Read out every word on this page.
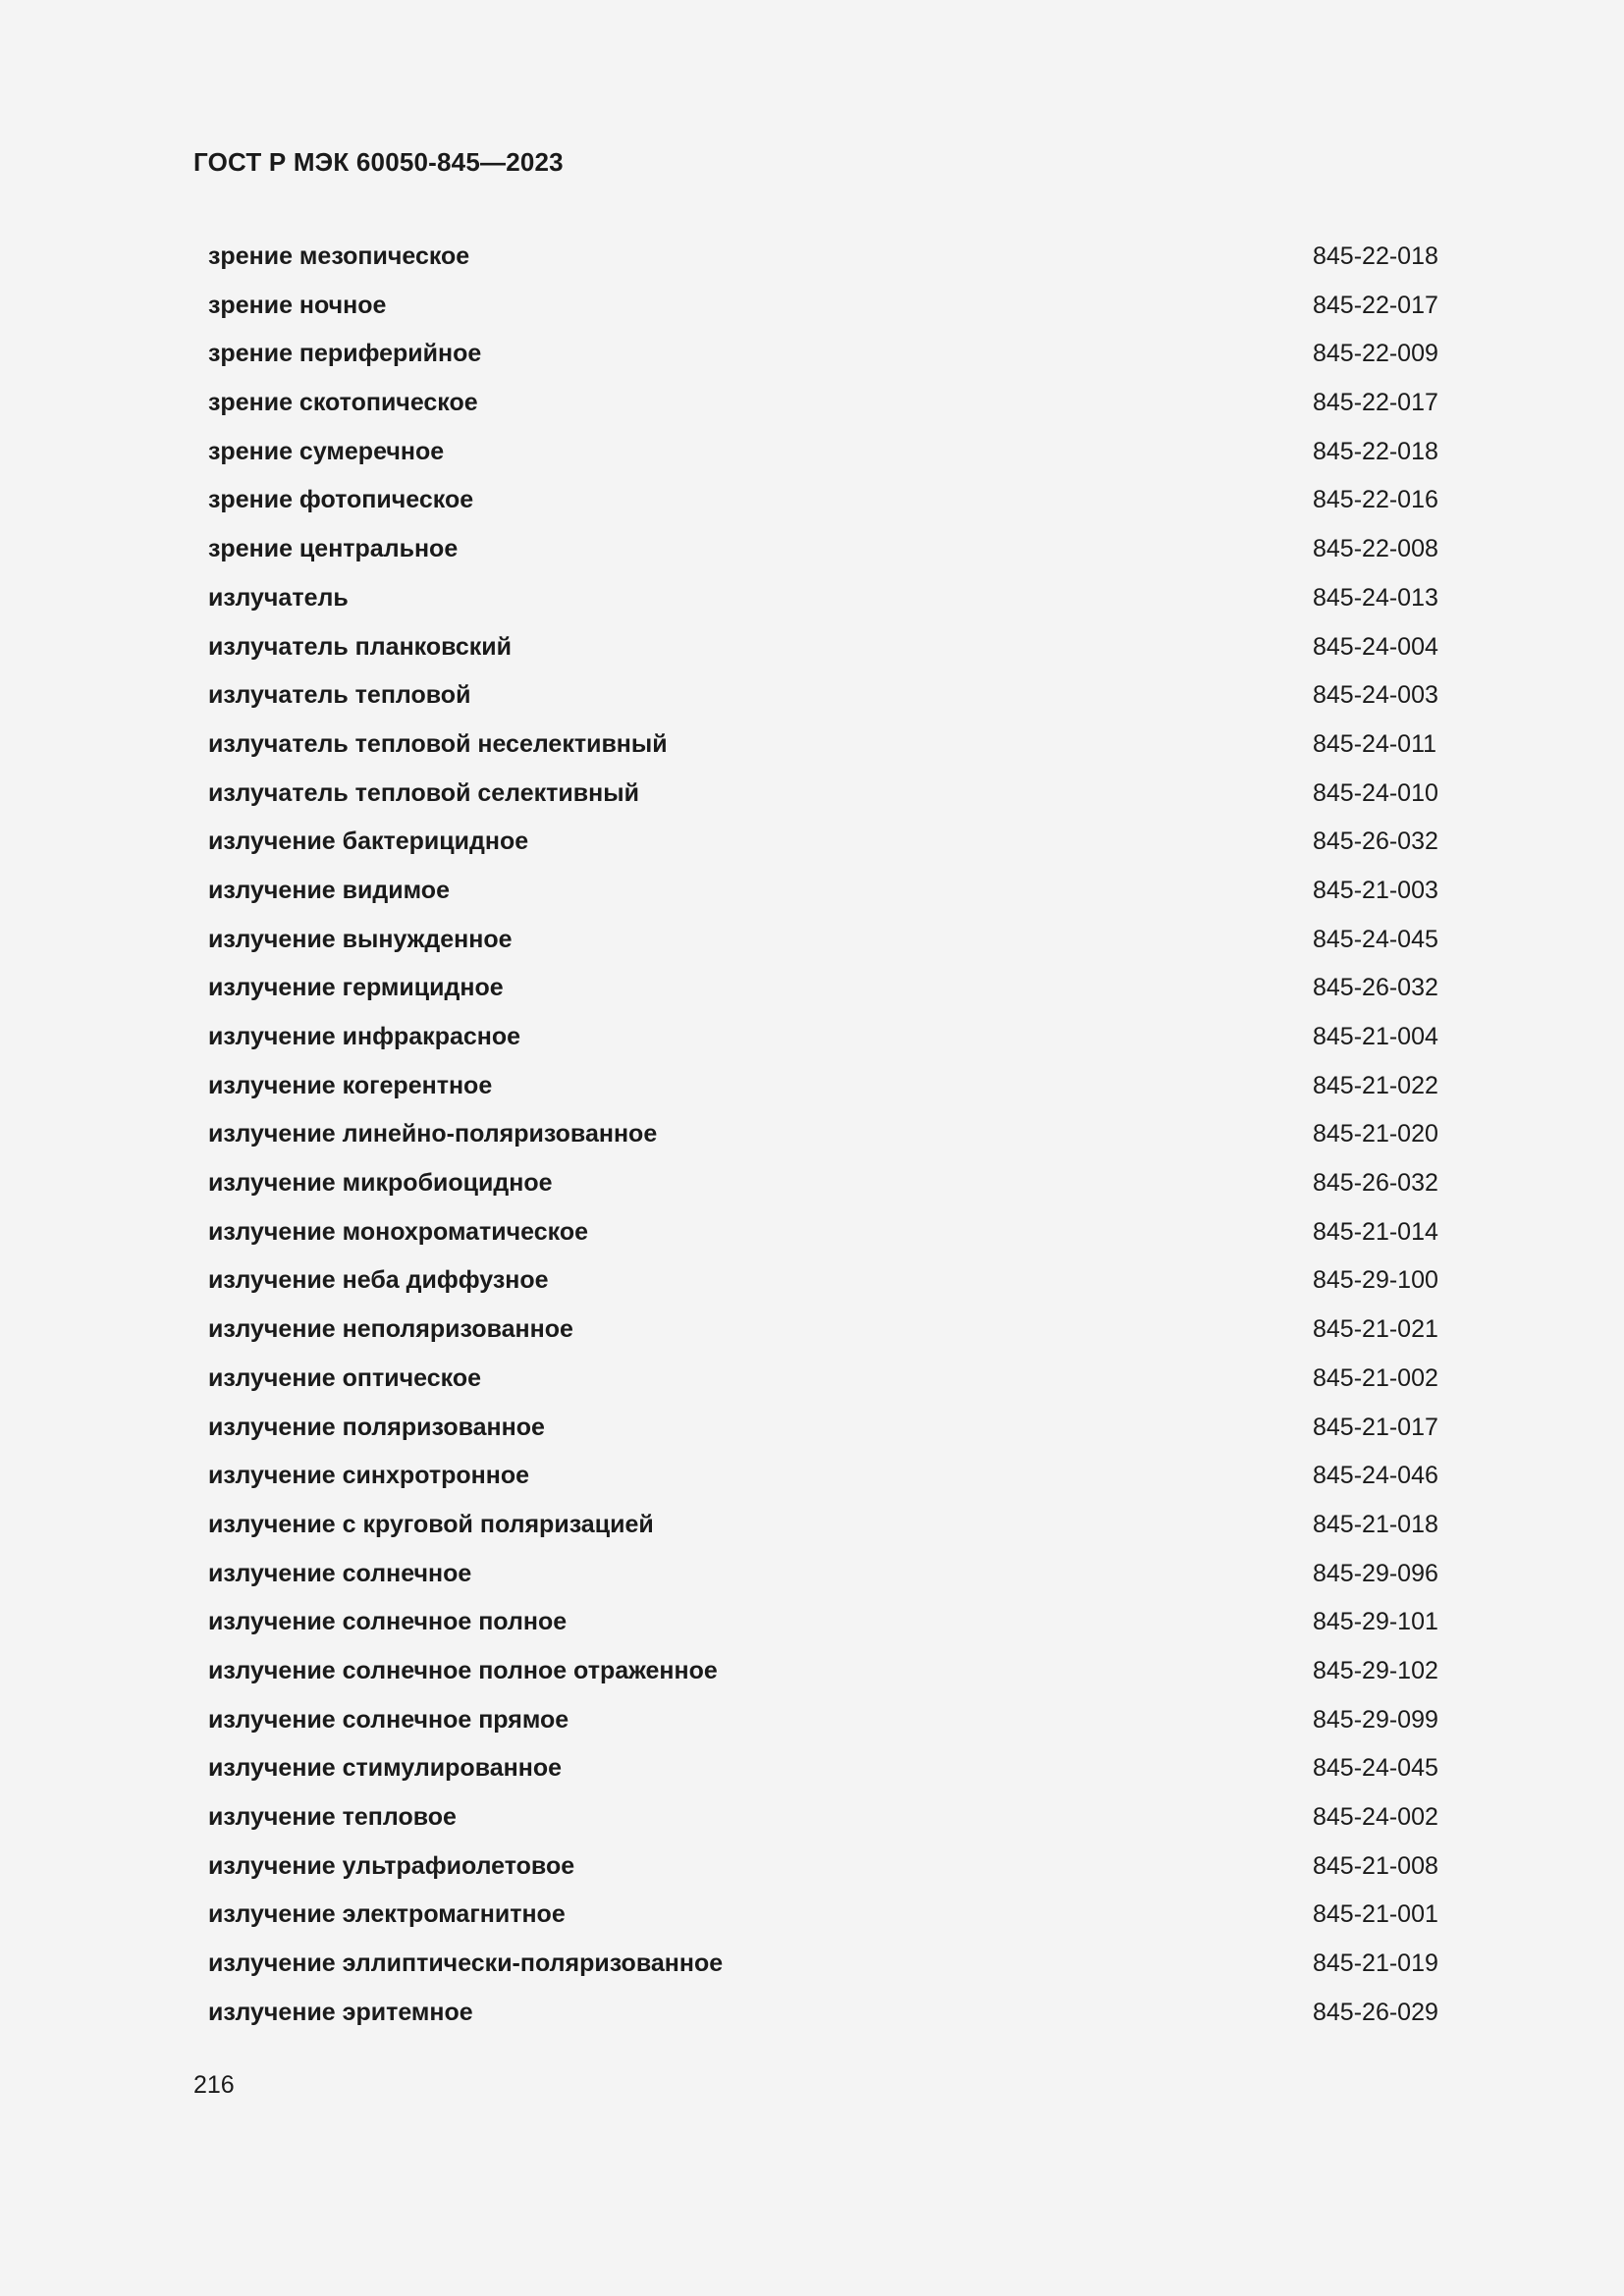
ГОСТ Р МЭК 60050-845—2023
зрение мезопическое	845-22-018
зрение ночное	845-22-017
зрение периферийное	845-22-009
зрение скотопическое	845-22-017
зрение сумеречное	845-22-018
зрение фотопическое	845-22-016
зрение центральное	845-22-008
излучатель	845-24-013
излучатель планковский	845-24-004
излучатель тепловой	845-24-003
излучатель тепловой неселективный	845-24-011
излучатель тепловой селективный	845-24-010
излучение бактерицидное	845-26-032
излучение видимое	845-21-003
излучение вынужденное	845-24-045
излучение гермицидное	845-26-032
излучение инфракрасное	845-21-004
излучение когерентное	845-21-022
излучение линейно-поляризованное	845-21-020
излучение микробиоцидное	845-26-032
излучение монохроматическое	845-21-014
излучение неба диффузное	845-29-100
излучение неполяризованное	845-21-021
излучение оптическое	845-21-002
излучение поляризованное	845-21-017
излучение синхротронное	845-24-046
излучение с круговой поляризацией	845-21-018
излучение солнечное	845-29-096
излучение солнечное полное	845-29-101
излучение солнечное полное отраженное	845-29-102
излучение солнечное прямое	845-29-099
излучение стимулированное	845-24-045
излучение тепловое	845-24-002
излучение ультрафиолетовое	845-21-008
излучение электромагнитное	845-21-001
излучение эллиптически-поляризованное	845-21-019
излучение эритемное	845-26-029
216
